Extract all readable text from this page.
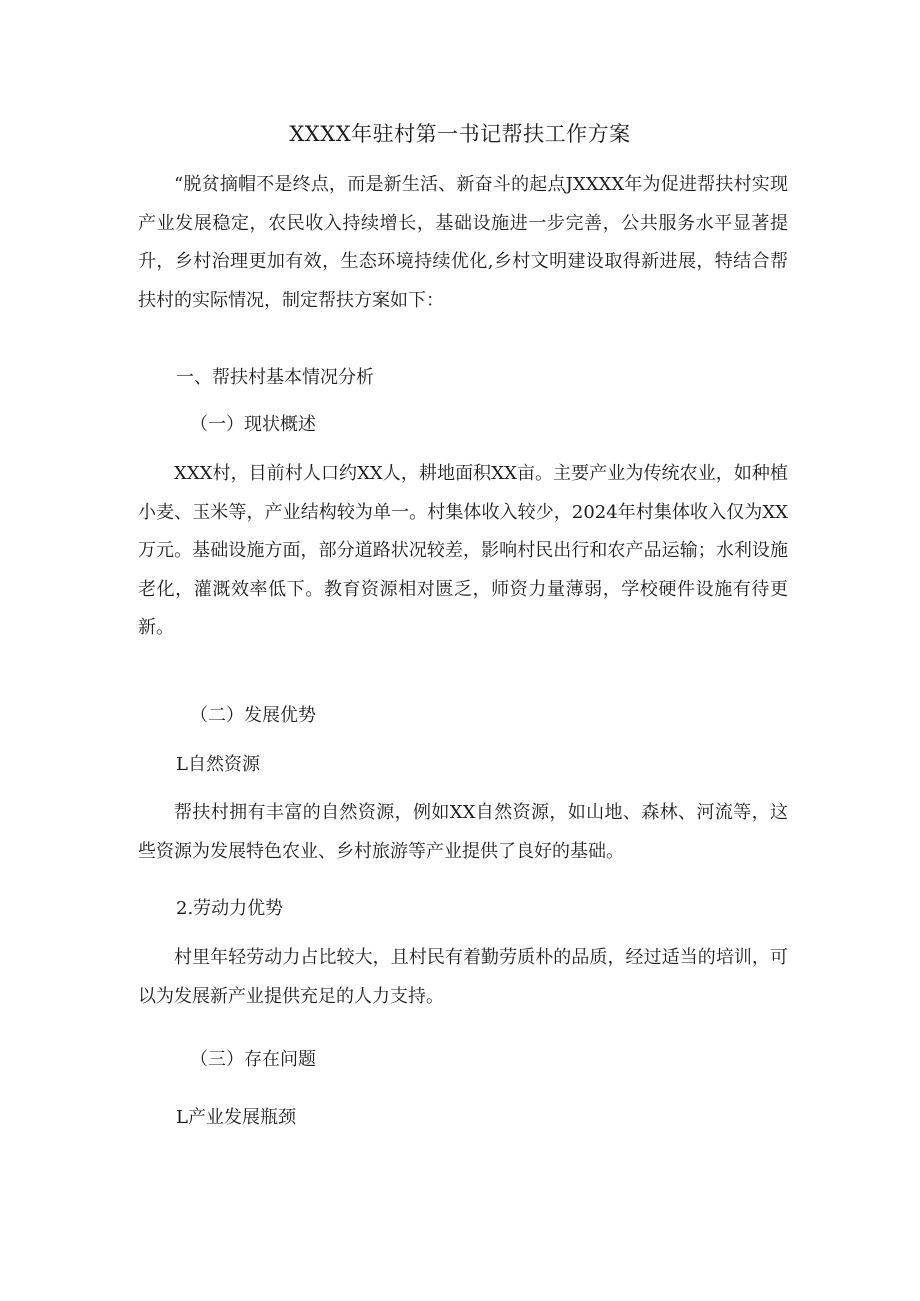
XXXX年驻村第一书记帮扶工作方案

“脱贫摘帽不是终点，而是新生活、新奋斗的起点JXXXX年为促进帮扶村实现产业发展稳定，农民收入持续增长，基础设施进一步完善，公共服务水平显著提升，乡村治理更加有效，生态环境持续优化,乡村文明建设取得新进展，特结合帮扶村的实际情况，制定帮扶方案如下：

一、帮扶村基本情况分析
（一）现状概述

XXX村，目前村人口约XX人，耕地面积XX亩。主要产业为传统农业，如种植小麦、玉米等，产业结构较为单一。村集体收入较少，2024年村集体收入仅为XX万元。基础设施方面，部分道路状况较差，影响村民出行和农产品运输；水利设施老化，灌溉效率低下。教育资源相对匮乏，师资力量薄弱，学校硬件设施有待更新。

（二）发展优势
L自然资源

帮扶村拥有丰富的自然资源，例如XX自然资源，如山地、森林、河流等，这些资源为发展特色农业、乡村旅游等产业提供了良好的基础。

2.劳动力优势

村里年轻劳动力占比较大，且村民有着勤劳质朴的品质，经过适当的培训，可以为发展新产业提供充足的人力支持。

（三）存在问题
L产业发展瓶颈
